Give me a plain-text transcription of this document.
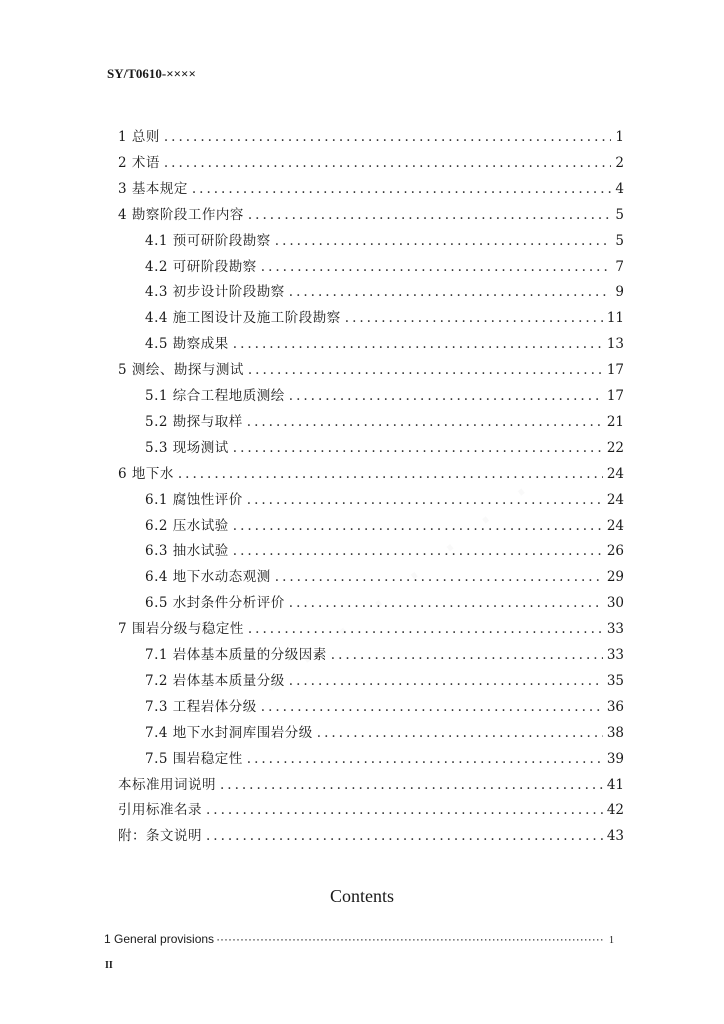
SY/T0610-××××
1 总则 .....	1
2 术语 .....	2
3 基本规定 .....	4
4 勘察阶段工作内容 .....	5
4.1 预可研阶段勘察 .....	5
4.2 可研阶段勘察 .....	7
4.3 初步设计阶段勘察 .....	9
4.4 施工图设计及施工阶段勘察 .....	11
4.5 勘察成果 .....	13
5 测绘、勘探与测试 .....	17
5.1 综合工程地质测绘 .....	17
5.2 勘探与取样 .....	21
5.3 现场测试 .....	22
6 地下水 .....	24
6.1 腐蚀性评价 .....	24
6.2 压水试验 .....	24
6.3 抽水试验 .....	26
6.4 地下水动态观测 .....	29
6.5 水封条件分析评价 .....	30
7 围岩分级与稳定性 .....	33
7.1 岩体基本质量的分级因素 .....	33
7.2 岩体基本质量分级 .....	35
7.3 工程岩体分级 .....	36
7.4 地下水封洞库围岩分级 .....	38
7.5 围岩稳定性 .....	39
本标准用词说明 .....	41
引用标准名录 .....	42
附：条文说明 .....	43
Contents
1 General provisions ·····	1
II
